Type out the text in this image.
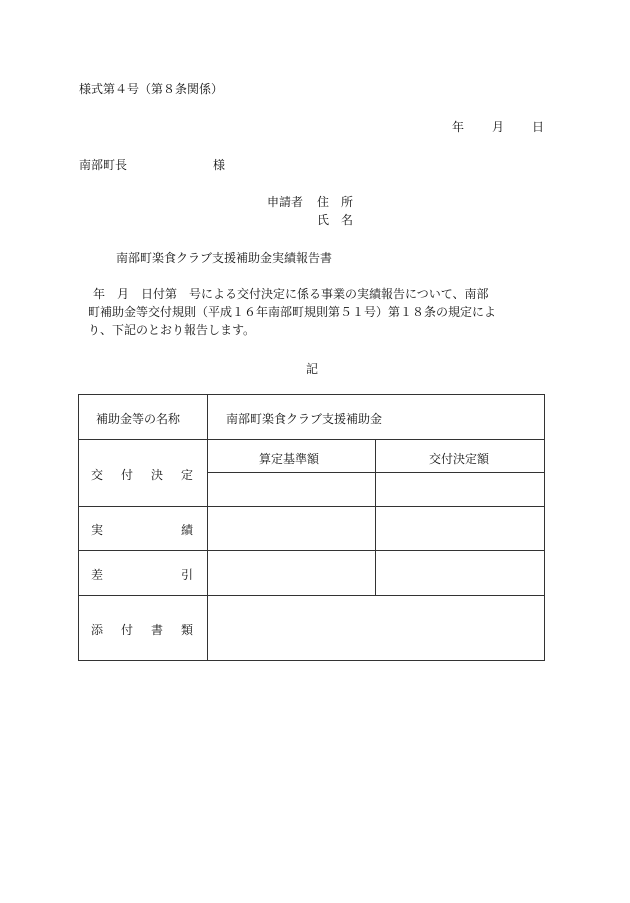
様式第４号（第８条関係）
年 月 日
南部町長	様
申請者 住　所
氏　名
南部町楽食クラブ支援補助金実績報告書
年　月　日付第　号による交付決定に係る事業の実績報告について、南部
町補助金等交付規則（平成１６年南部町規則第５１号）第１８条の規定によ
り、下記のとおり報告します。
記
補助金等の名称	南部町楽食クラブ支援補助金
交 付 決 定
算定基準額	交付決定額
実	績
差	引
添 付 書 類
